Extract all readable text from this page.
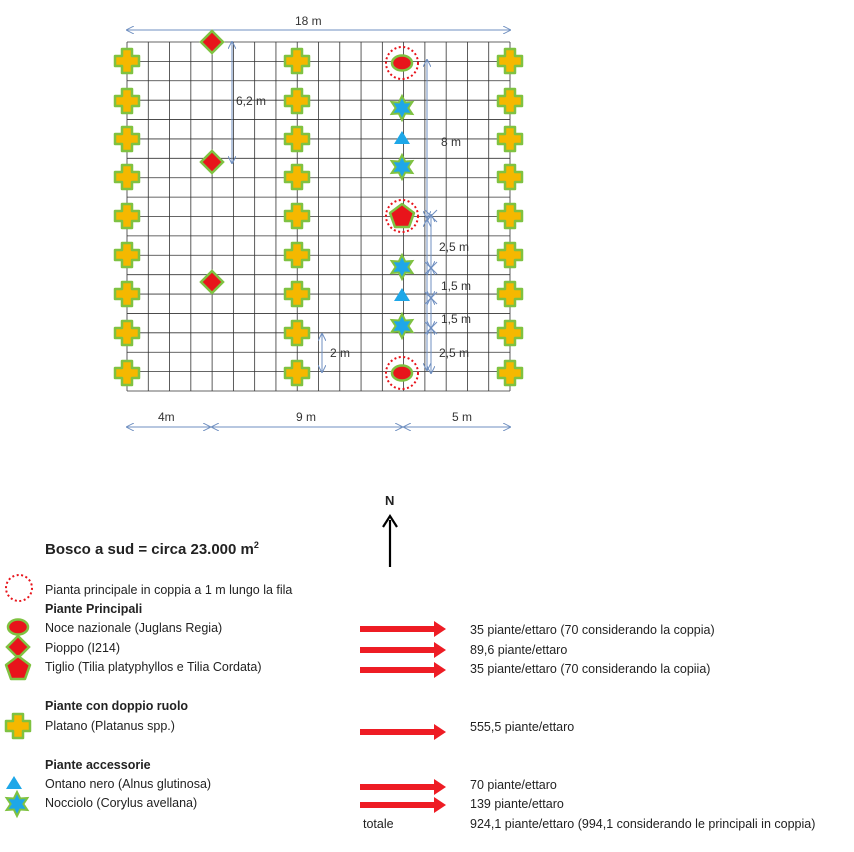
18 m
4m	9 m	5 m
6,2 m
8 m
2,5 m
1,5 m
1,5 m
2,5 m
2 m
N
Bosco a sud = circa 23.000 $m^2$
Pianta principale in coppia a 1 m lungo la fila
Piante Principali
Noce nazionale (Juglans Regia)
Pioppo (I214)
Tiglio (Tilia platyphyllos e Tilia Cordata)
Piante con doppio ruolo
Platano (Platanus spp.)
Piante accessorie
Ontano nero (Alnus glutinosa)
Nocciolo (Corylus avellana)
totale
35 piante/ettaro (70 considerando la coppia)
89,6 piante/ettaro
35 piante/ettaro (70 considerando la copiia)
555,5 piante/ettaro
70 piante/ettaro
139 piante/ettaro
924,1 piante/ettaro (994,1 considerando le principali in coppia)
